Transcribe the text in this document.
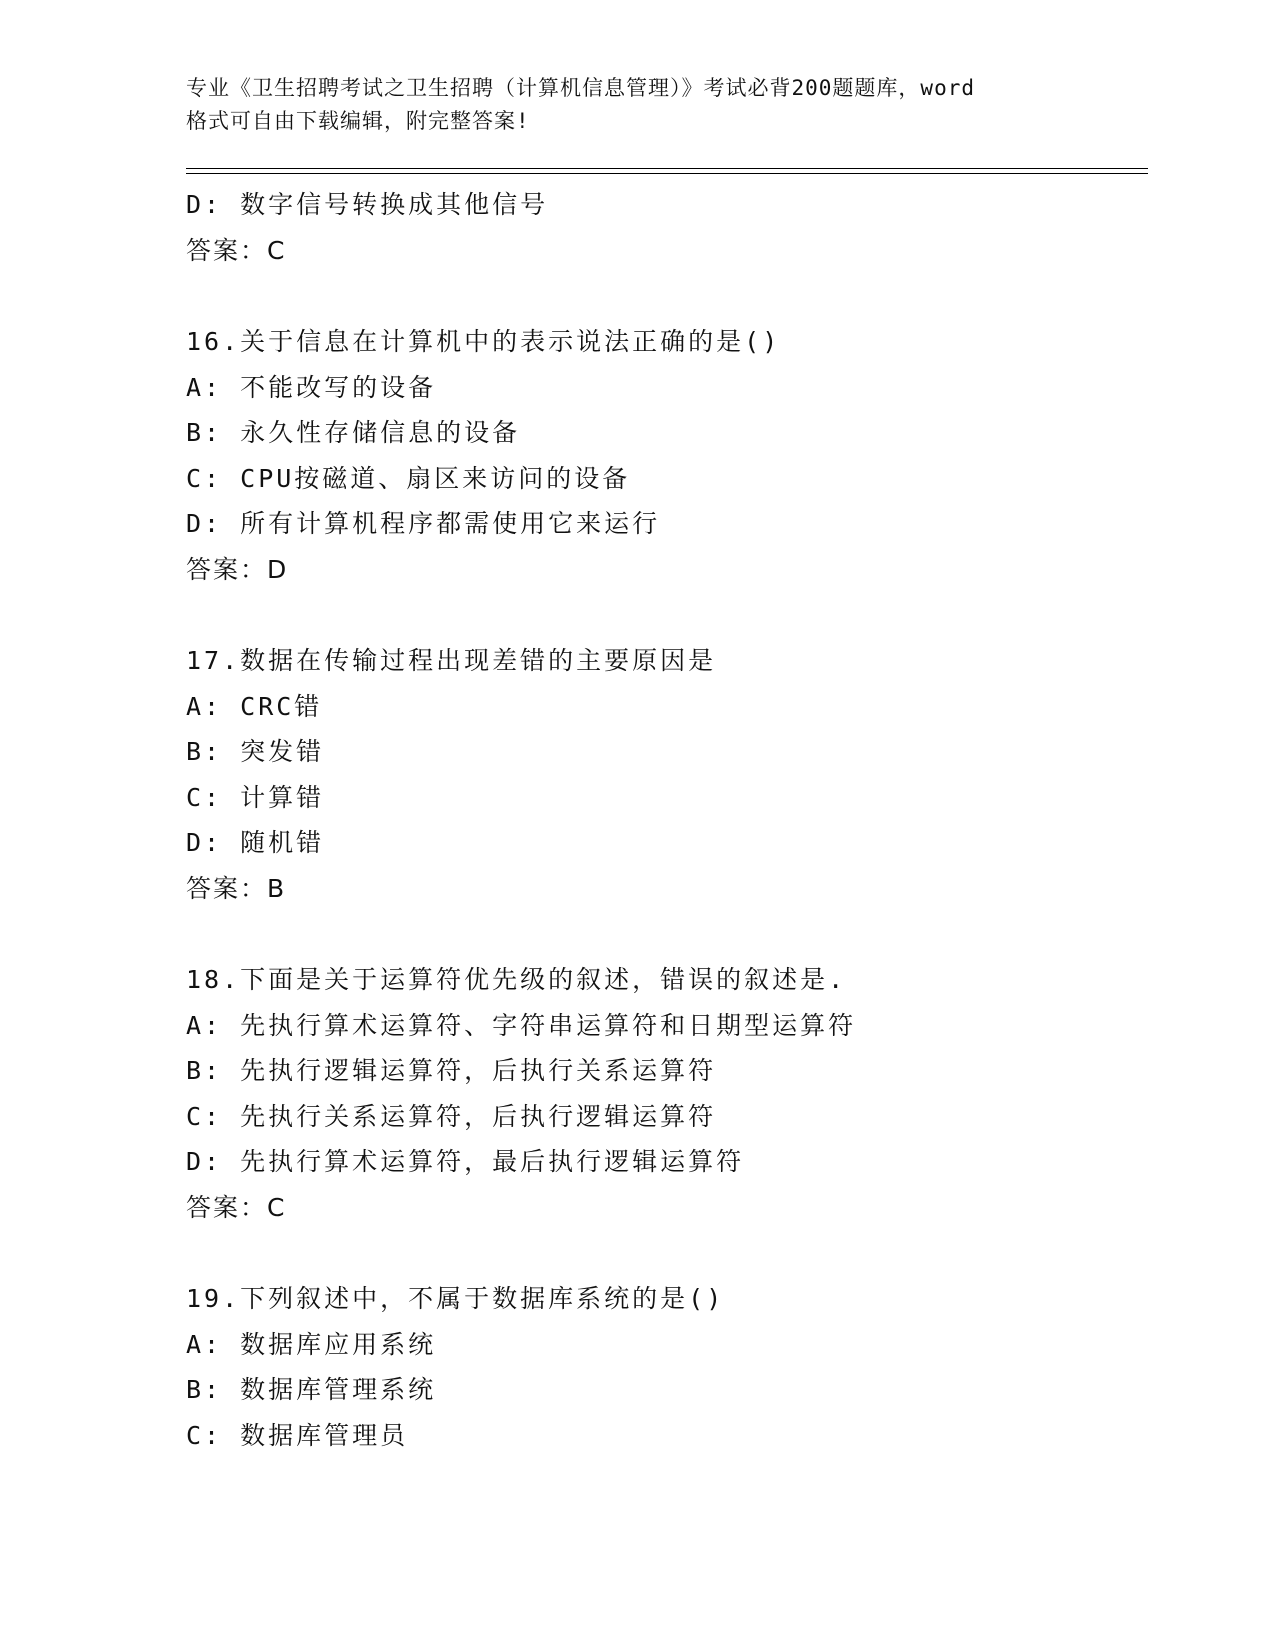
专业《卫生招聘考试之卫生招聘（计算机信息管理）》考试必背200题题库，word
格式可自由下载编辑，附完整答案!
D: 数字信号转换成其他信号
答案：C
16.关于信息在计算机中的表示说法正确的是()
A: 不能改写的设备
B: 永久性存储信息的设备
C: CPU按磁道、扇区来访问的设备
D: 所有计算机程序都需使用它来运行
答案：D
17.数据在传输过程出现差错的主要原因是
A: CRC错
B: 突发错
C: 计算错
D: 随机错
答案：B
18.下面是关于运算符优先级的叙述，错误的叙述是.
A: 先执行算术运算符、字符串运算符和日期型运算符
B: 先执行逻辑运算符，后执行关系运算符
C: 先执行关系运算符，后执行逻辑运算符
D: 先执行算术运算符，最后执行逻辑运算符
答案：C
19.下列叙述中，不属于数据库系统的是()
A: 数据库应用系统
B: 数据库管理系统
C: 数据库管理员
